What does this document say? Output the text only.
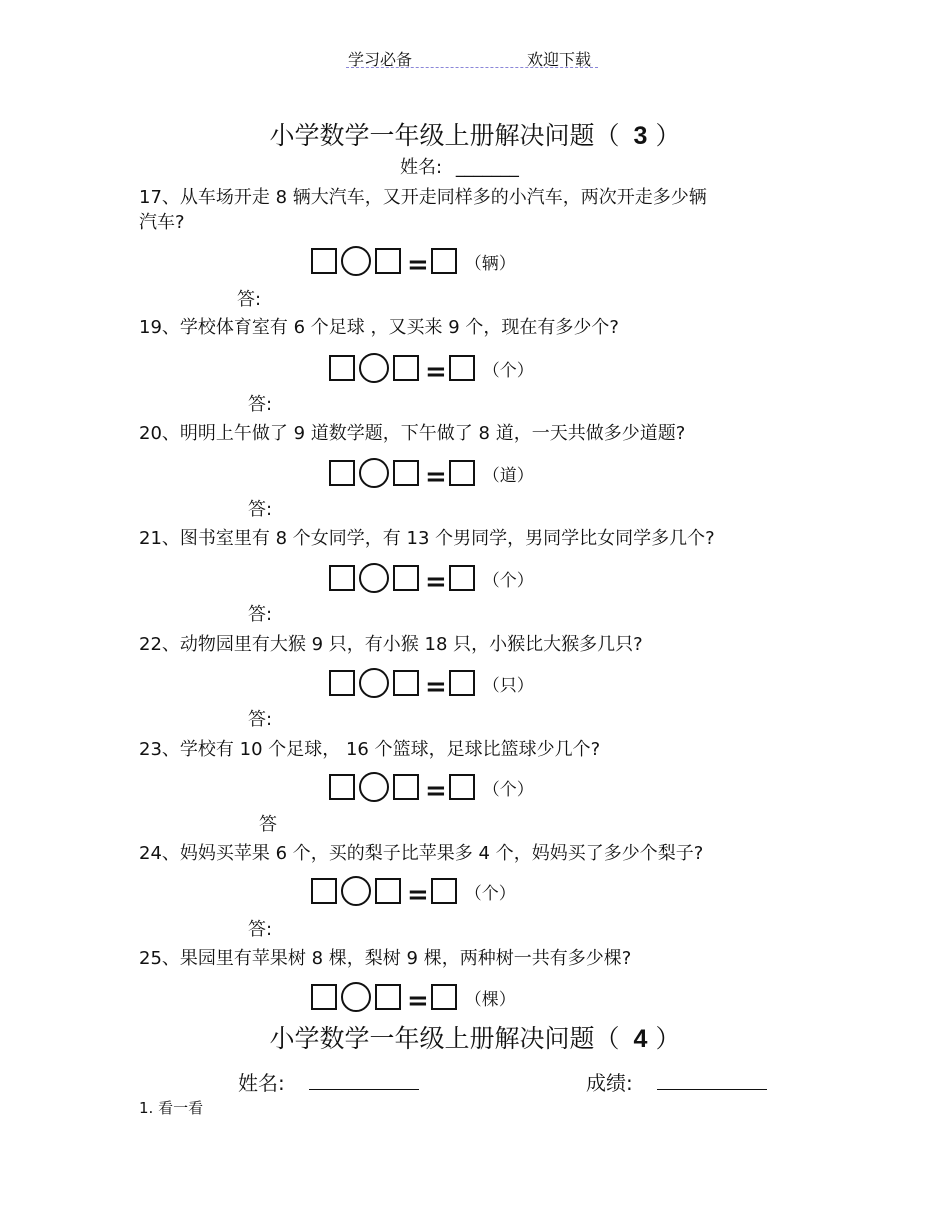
学习必备	欢迎下载
小学数学一年级上册解决问题（ 3 ）
姓名: _______
17、从车场开走 8 辆大汽车，又开走同样多的小汽车，两次开走多少辆
汽车?
= （辆）
答:
19、学校体育室有 6 个足球 ，又买来 9 个，现在有多少个?
= （个）
答:
20、明明上午做了 9 道数学题，下午做了 8 道，一天共做多少道题?
= （道）
答:
21、图书室里有 8 个女同学，有 13 个男同学，男同学比女同学多几个?
= （个）
答:
22、动物园里有大猴 9 只，有小猴 18 只，小猴比大猴多几只?
= （只）
答:
23、学校有 10 个足球， 16 个篮球，足球比篮球少几个?
= （个）
答
24、妈妈买苹果 6 个，买的梨子比苹果多 4 个，妈妈买了多少个梨子?
= （个）
答:
25、果园里有苹果树 8 棵，梨树 9 棵，两种树一共有多少棵?
= （棵）
小学数学一年级上册解决问题（ 4 ）
姓名:	成绩:
1. 看一看
